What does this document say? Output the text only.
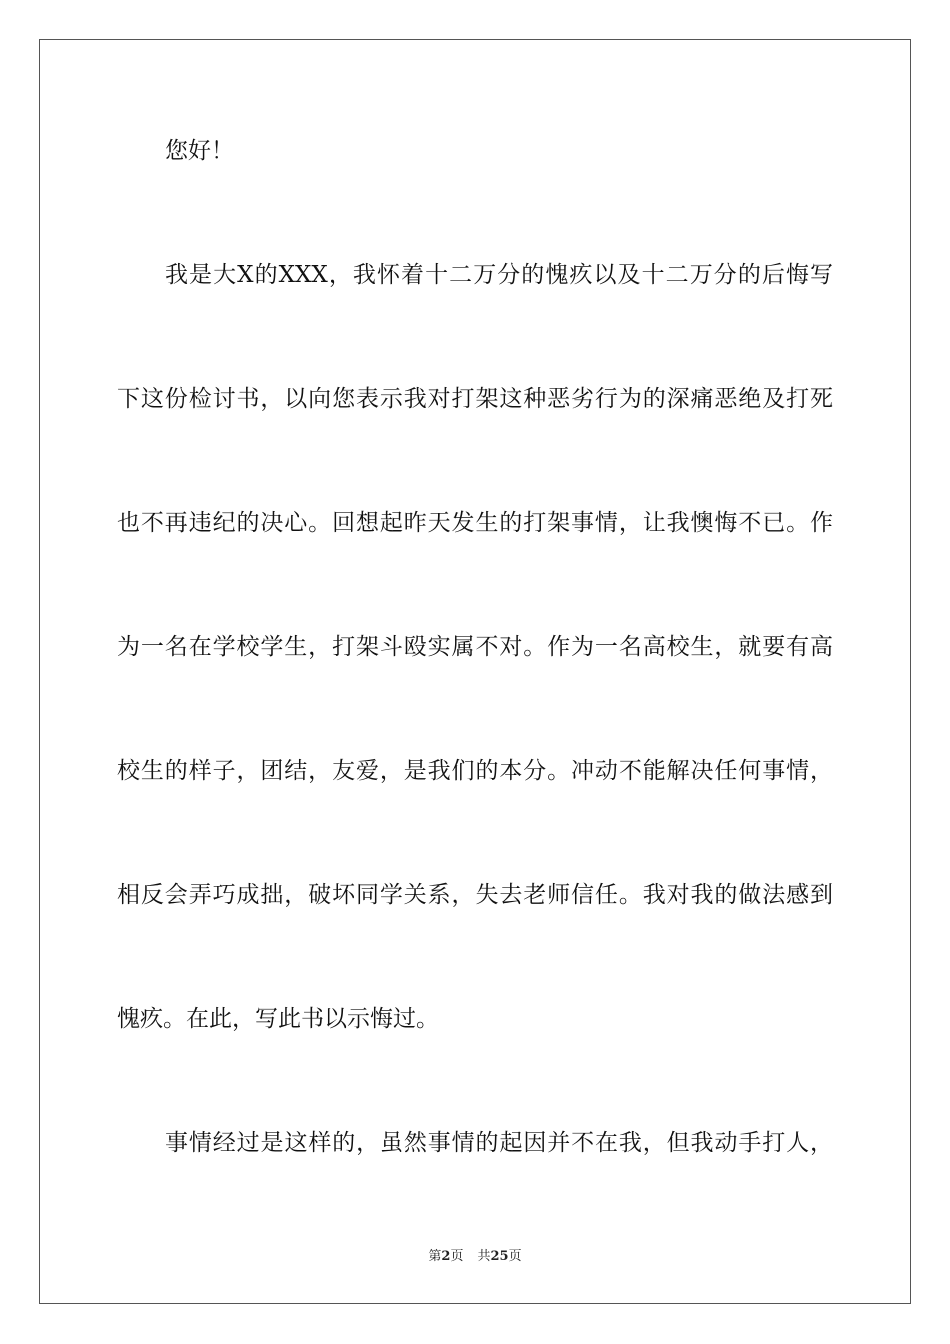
您好！
我是大X的XXX，我怀着十二万分的愧疚以及十二万分的后悔写
下这份检讨书，以向您表示我对打架这种恶劣行为的深痛恶绝及打死
也不再违纪的决心。回想起昨天发生的打架事情，让我懊悔不已。作
为一名在学校学生，打架斗殴实属不对。作为一名高校生，就要有高
校生的样子，团结，友爱，是我们的本分。冲动不能解决任何事情，
相反会弄巧成拙，破坏同学关系，失去老师信任。我对我的做法感到
愧疚。在此，写此书以示悔过。
事情经过是这样的，虽然事情的起因并不在我，但我动手打人，
第2页 共25页
